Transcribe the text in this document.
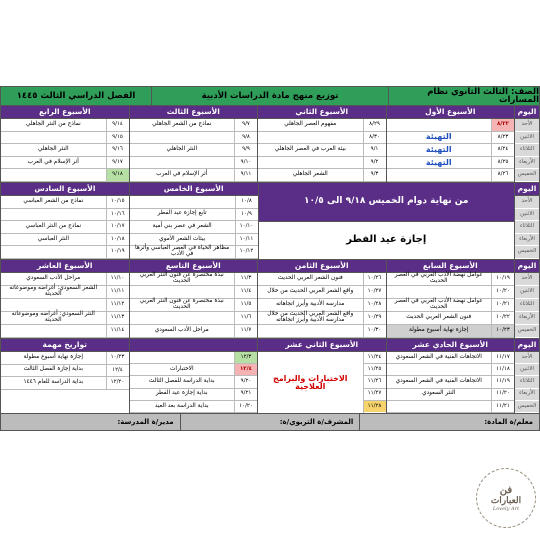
الصف: الثالث الثانوي نظام المسارات
توزيع منهج مادة الدراسات الأدبية
الفصل الدراسي الثالث ١٤٤٥
اليوم
الأحد
الاثنين
الثلاثاء
الأربعاء
الخميس
الأسبوع الأول
٨/٢٢
٨/٢٣
التهيئة
٨/٢٤
التهيئة
٨/٢٥
التهيئة
٨/٢٦
الأسبوع الثاني
٨/٢٩
مفهوم العصر الجاهلي
٨/٣٠
٩/١
بيئة العرب في العصر الجاهلي
٩/٢
٩/٣
الشعر الجاهلي
الأسبوع الثالث
٩/٧
نماذج من الشعر الجاهلي
٩/٨
٩/٩
النثر الجاهلي
٩/١٠
٩/١١
أثر الإسلام في العرب
الأسبوع الرابع
٩/١٤
نماذج من النثر الجاهلي
٩/١٥
٩/١٦
النثر الجاهلي
٩/١٧
أثر الإسلام في العرب
٩/١٨
اليوم
الأحد
الاثنين
الثلاثاء
الأربعاء
الخميس
من نهاية دوام الخميس ٩/١٨ الى ١٠/٥
إجازة عيد الفطر
الأسبوع الخامس
١٠/٨
١٠/٩
تابع إجازة عيد الفطر
١٠/١٠
الشعر في عصر بني أمية
١٠/١١
بيئات الشعر الأموي
١٠/١٢
مظاهر الحياة في العصر العباسي وأثرها في الأدب
الأسبوع السادس
١٠/١٥
نماذج من الشعر العباسي
١٠/١٦
١٠/١٧
نماذج من النثر العباسي
١٠/١٨
النثر العباسي
١٠/١٩
اليوم
الأحد
الاثنين
الثلاثاء
الأربعاء
الخميس
الأسبوع السابع
١٠/١٩
عوامل نهضة الأدب العربي في العصر الحديث
١٠/٢٠
١٠/٢١
عوامل نهضة الأدب العربي في العصر الحديث
١٠/٢٢
فنون الشعر العربي الحديث
١٠/٢٣
إجازة نهاية أسبوع مطولة
الأسبوع الثامن
١٠/٢٦
فنون الشعر العربي الحديث
١٠/٢٧
واقع الشعر العربي الحديث من خلال
١٠/٢٨
مدارسه الأدبية وأبرز اتجاهاته
١٠/٢٩
واقع الشعر العربي الحديث من خلال مدارسه الأدبية وأبرز اتجاهاته
١٠/٣٠
الأسبوع التاسع
١١/٣
نبذة مختصرة عن فنون النثر العربي الحديث
١١/٤
١١/٥
نبذة مختصرة عن فنون النثر العربي الحديث
١١/٦
١١/٧
مراحل الأدب السعودي
الأسبوع العاشر
١١/١٠
مراحل الأدب السعودي
١١/١١
الشعر السعودي: أغراضه وموضوعاته الحديثة
١١/١٢
١١/١٣
النثر السعودي: أغراضه وموضوعاته الحديثة
١١/١٤
اليوم
الأحد
الاثنين
الثلاثاء
الأربعاء
الخميس
الأسبوع الحادي عشر
١١/١٧
الاتجاهات الفنية في الشعر السعودي
١١/١٨
١١/١٩
الاتجاهات الفنية في الشعر السعودي
١١/٢٠
النثر السعودي
١١/٢١
الأسبوع الثاني عشر
١١/٢٤
١١/٢٥
١١/٢٦
١١/٢٧
١١/٢٨
الاختبارات والبرامج العلاجية
١٢/٣
١٢/٤
الاختبارات
٩/٢٠
بداية الدراسة للفصل الثالث
٩/٢١
بداية إجازة عيد الفطر
١٠/٢٠
بداية الدراسة بعد العيد
تواريخ مهمة
١٠/٢٣
إجازة نهاية أسبوع مطولة
١٢/٤
بداية إجازة الفصل الثالث
١٢/٢٠
بداية الدراسة للعام ١٤٤٦
معلم/ة المادة:
المشرف/ة التربوي/ة:
مدير/ة المدرسة:
فن
العبارات
Lovely Art
